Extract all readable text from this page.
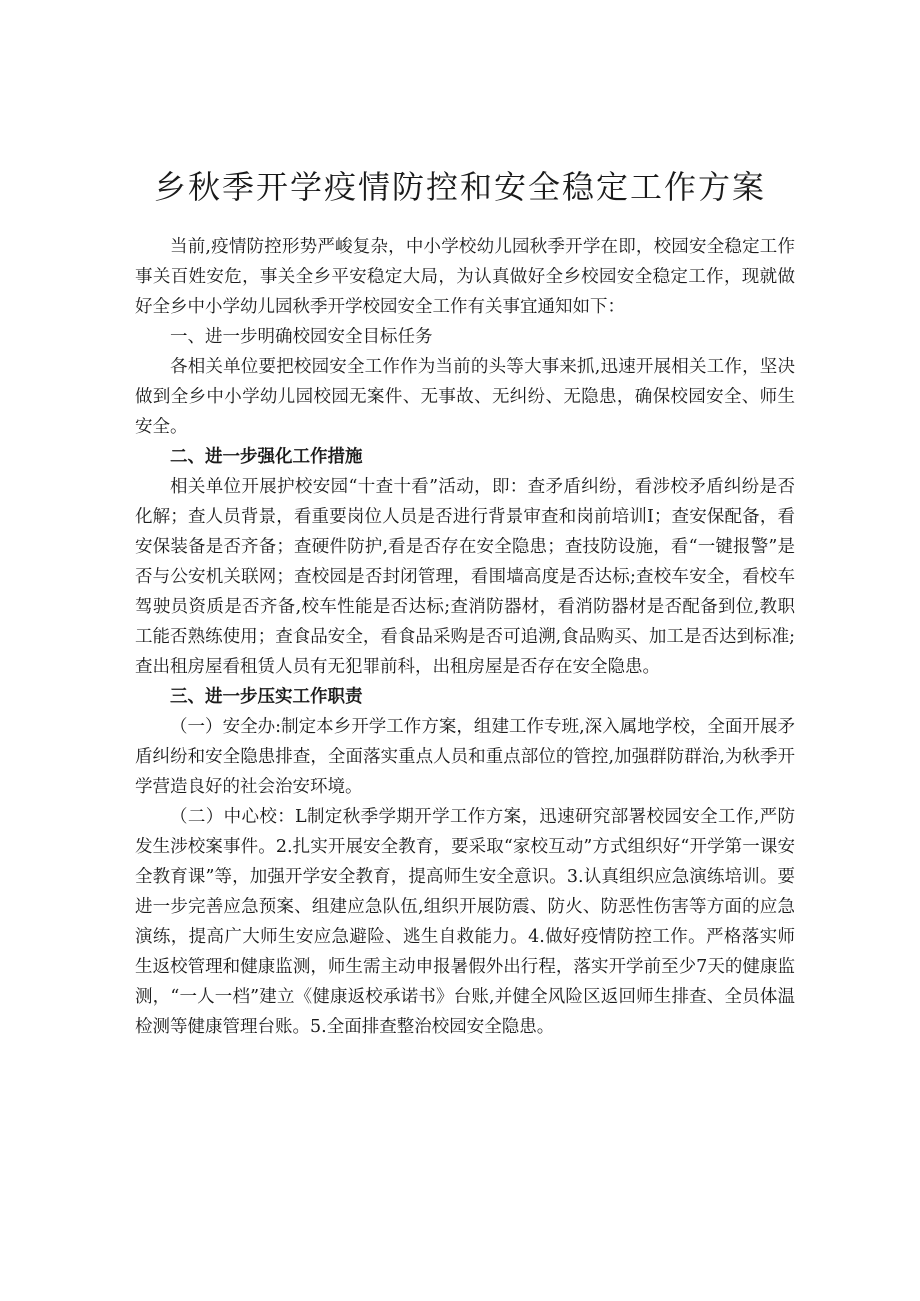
乡秋季开学疫情防控和安全稳定工作方案

当前,疫情防控形势严峻复杂，中小学校幼儿园秋季开学在即，校园安全稳定工作事关百姓安危，事关全乡平安稳定大局，为认真做好全乡校园安全稳定工作，现就做好全乡中小学幼儿园秋季开学校园安全工作有关事宜通知如下：

一、进一步明确校园安全目标任务

各相关单位要把校园安全工作作为当前的头等大事来抓,迅速开展相关工作，坚决做到全乡中小学幼儿园校园无案件、无事故、无纠纷、无隐患，确保校园安全、师生安全。

二、进一步强化工作措施

相关单位开展护校安园“十查十看”活动，即：查矛盾纠纷，看涉校矛盾纠纷是否化解；查人员背景，看重要岗位人员是否进行背景审查和岗前培训I；查安保配备，看安保装备是否齐备；查硬件防护,看是否存在安全隐患；查技防设施，看“一键报警”是否与公安机关联网；查校园是否封闭管理，看围墙高度是否达标;查校车安全，看校车驾驶员资质是否齐备,校车性能是否达标;查消防器材，看消防器材是否配备到位,教职工能否熟练使用；查食品安全，看食品采购是否可追溯,食品购买、加工是否达到标准;查出租房屋看租赁人员有无犯罪前科，出租房屋是否存在安全隐患。

三、进一步压实工作职责

（一）安全办:制定本乡开学工作方案，组建工作专班,深入属地学校，全面开展矛盾纠纷和安全隐患排查，全面落实重点人员和重点部位的管控,加强群防群治,为秋季开学营造良好的社会治安环境。

（二）中心校：L制定秋季学期开学工作方案，迅速研究部署校园安全工作,严防发生涉校案事件。2.扎实开展安全教育，要采取“家校互动”方式组织好“开学第一课安全教育课”等，加强开学安全教育，提高师生安全意识。3.认真组织应急演练培训。要进一步完善应急预案、组建应急队伍,组织开展防震、防火、防恶性伤害等方面的应急演练，提高广大师生安应急避险、逃生自救能力。4.做好疫情防控工作。严格落实师生返校管理和健康监测，师生需主动申报暑假外出行程，落实开学前至少7天的健康监测，“一人一档”建立《健康返校承诺书》台账,并健全风险区返回师生排查、全员体温检测等健康管理台账。5.全面排查整治校园安全隐患。
